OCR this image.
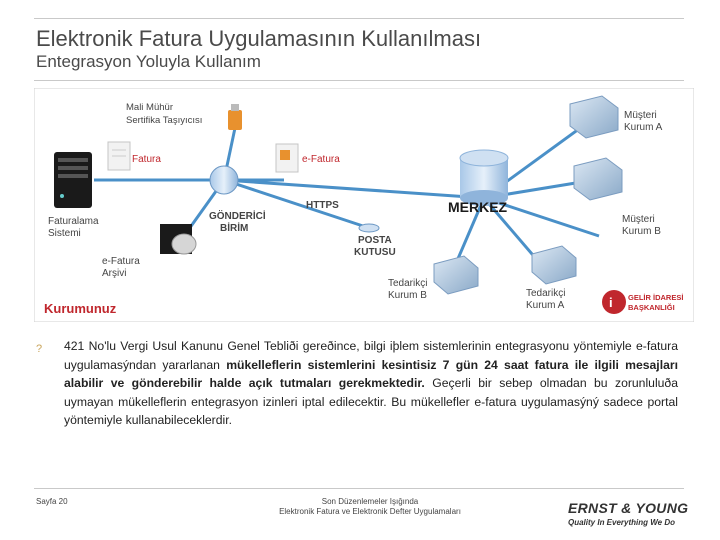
Elektronik Fatura Uygulamasının Kullanılması
Entegrasyon Yoluyla Kullanım
Faturalama
Sistemi
Mali Mühür
Sertifika Taşıyıcısı
Fatura	e-Fatura
GÖNDERİCİ
BİRİM
e-Fatura
Arşivi
HTTPS	MERKEZ
POSTA
KUTUSU
Müşteri
Kurum A
Müşteri
Kurum B
Tedarikçi
Kurum B	Tedarikçi
Kurum A
Kurumunuz	i GELİR İDARESİ
BAŞKANLIĞI
? 421 No'lu Vergi Usul Kanunu Genel Tebliði gereðince, bilgi iþlem sistemlerinin entegrasyonu yöntemiyle e-fatura uygulamasýndan yararlanan mükelleflerin sistemlerini kesintisiz 7 gün 24 saat fatura ile ilgili mesajları alabilir ve gönderebilir halde açık tutmaları gerekmektedir. Geçerli bir sebep olmadan bu zorunluluða uymayan mükelleflerin entegrasyon izinleri iptal edilecektir. Bu mükellefler e-fatura uygulamasýný sadece portal yöntemiyle kullanabileceklerdir.
Sayfa 20	Son Düzenlemeler Işığında
Elektronik Fatura ve Elektronik Defter Uygulamaları	ERNST & YOUNG
Quality In Everything We Do
